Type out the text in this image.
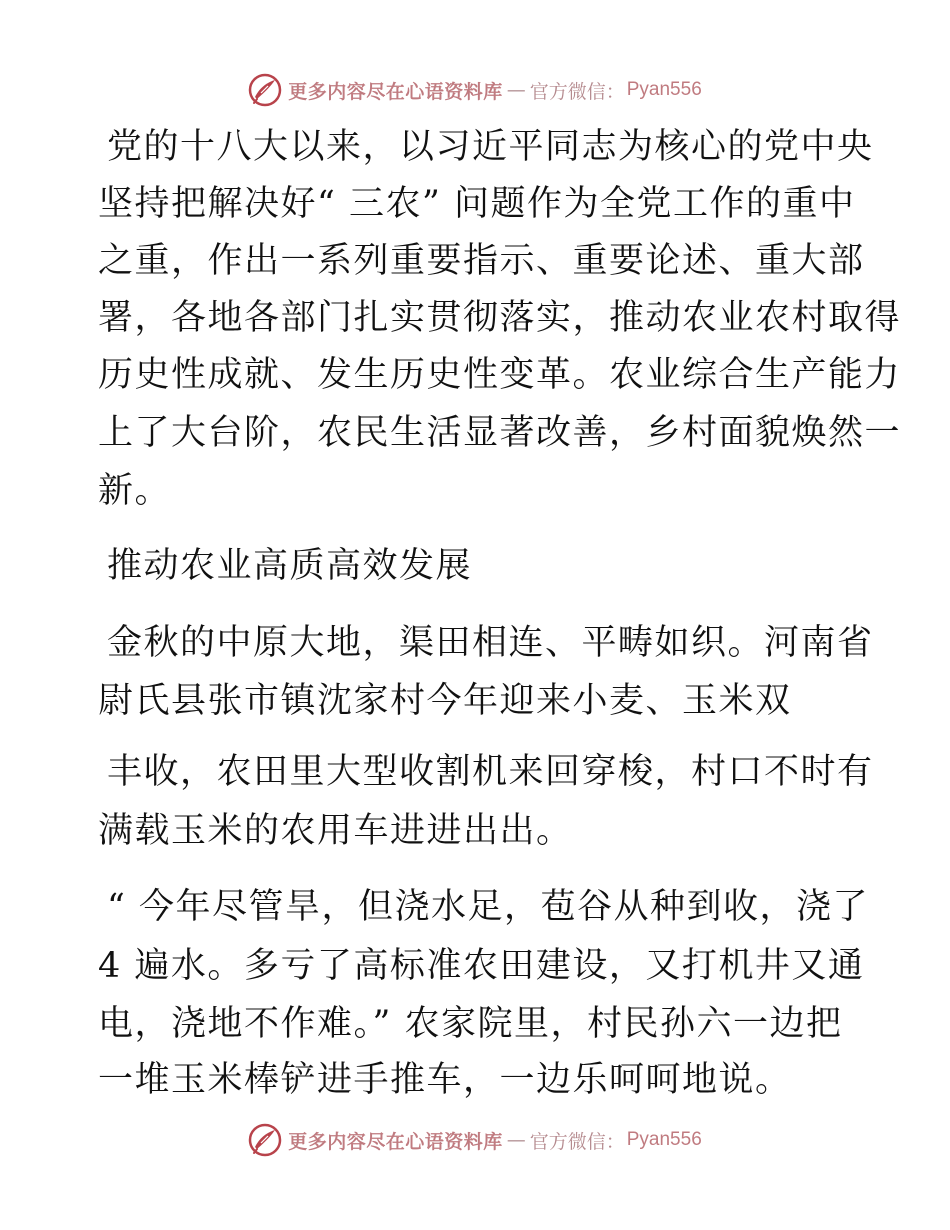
更多内容尽在心语资料库 — 官方微信： Pyan556
党的十八大以来，以习近平同志为核心的党中央
坚持把解决好“ 三农” 问题作为全党工作的重中
之重，作出一系列重要指示、重要论述、重大部
署，各地各部门扎实贯彻落实，推动农业农村取得
历史性成就、发生历史性变革。农业综合生产能力
上了大台阶，农民生活显著改善，乡村面貌焕然一
新。
推动农业高质高效发展
金秋的中原大地，渠田相连、平畴如织。河南省
尉氏县张市镇沈家村今年迎来小麦、玉米双
丰收，农田里大型收割机来回穿梭，村口不时有
满载玉米的农用车进进出出。
“ 今年尽管旱，但浇水足，苞谷从种到收，浇了
4 遍水。多亏了高标准农田建设，又打机井又通
电，浇地不作难。” 农家院里，村民孙六一边把
一堆玉米棒铲进手推车，一边乐呵呵地说。
更多内容尽在心语资料库 — 官方微信： Pyan556
